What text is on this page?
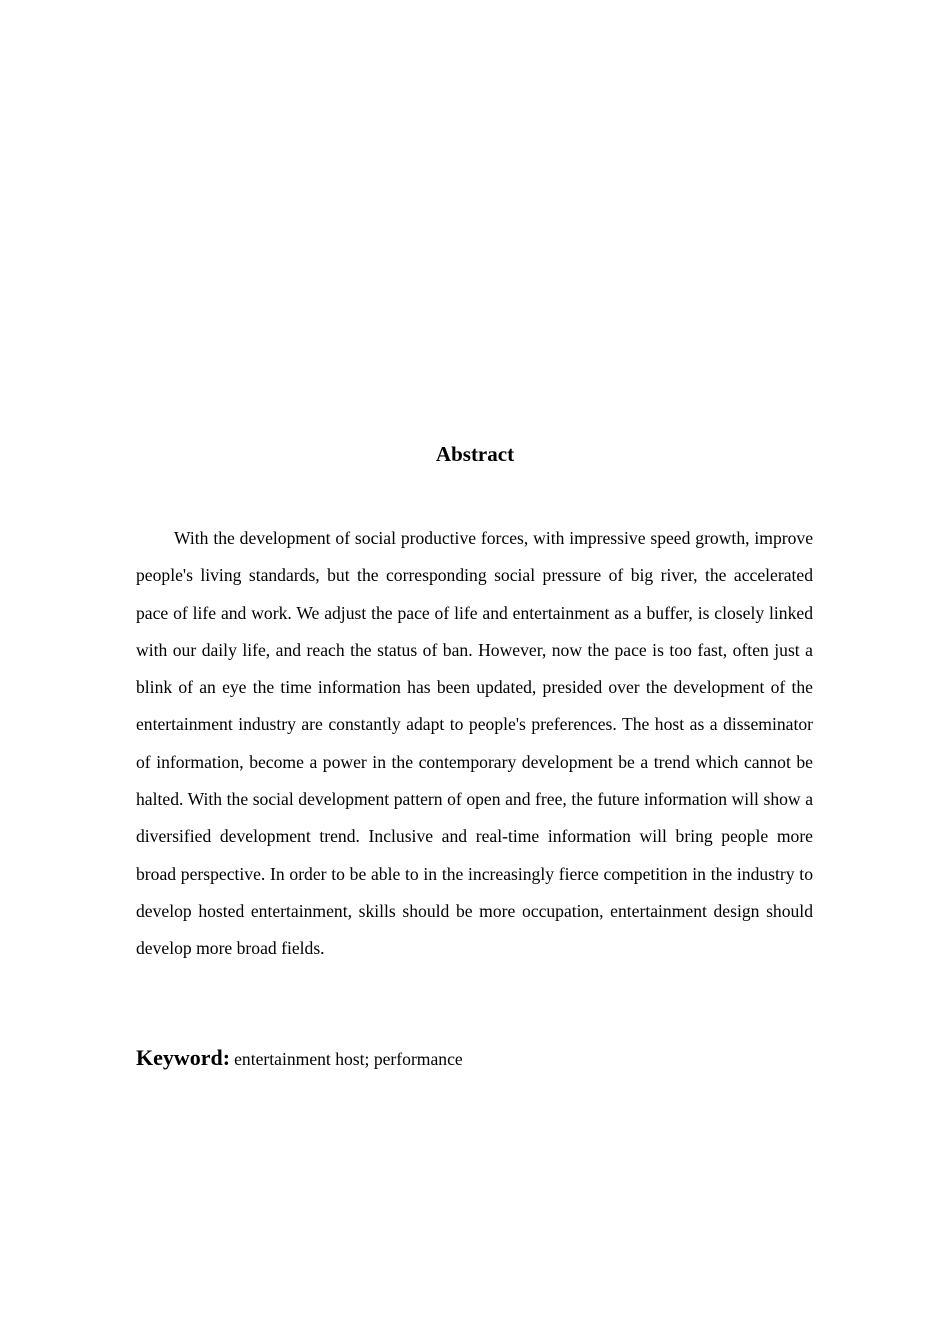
Abstract

With the development of social productive forces, with impressive speed growth, improve people's living standards, but the corresponding social pressure of big river, the accelerated pace of life and work. We adjust the pace of life and entertainment as a buffer, is closely linked with our daily life, and reach the status of ban. However, now the pace is too fast, often just a blink of an eye the time information has been updated, presided over the development of the entertainment industry are constantly adapt to people's preferences. The host as a disseminator of information, become a power in the contemporary development be a trend which cannot be halted. With the social development pattern of open and free, the future information will show a diversified development trend. Inclusive and real-time information will bring people more broad perspective. In order to be able to in the increasingly fierce competition in the industry to develop hosted entertainment, skills should be more occupation, entertainment design should develop more broad fields.

Keyword: entertainment host; performance
